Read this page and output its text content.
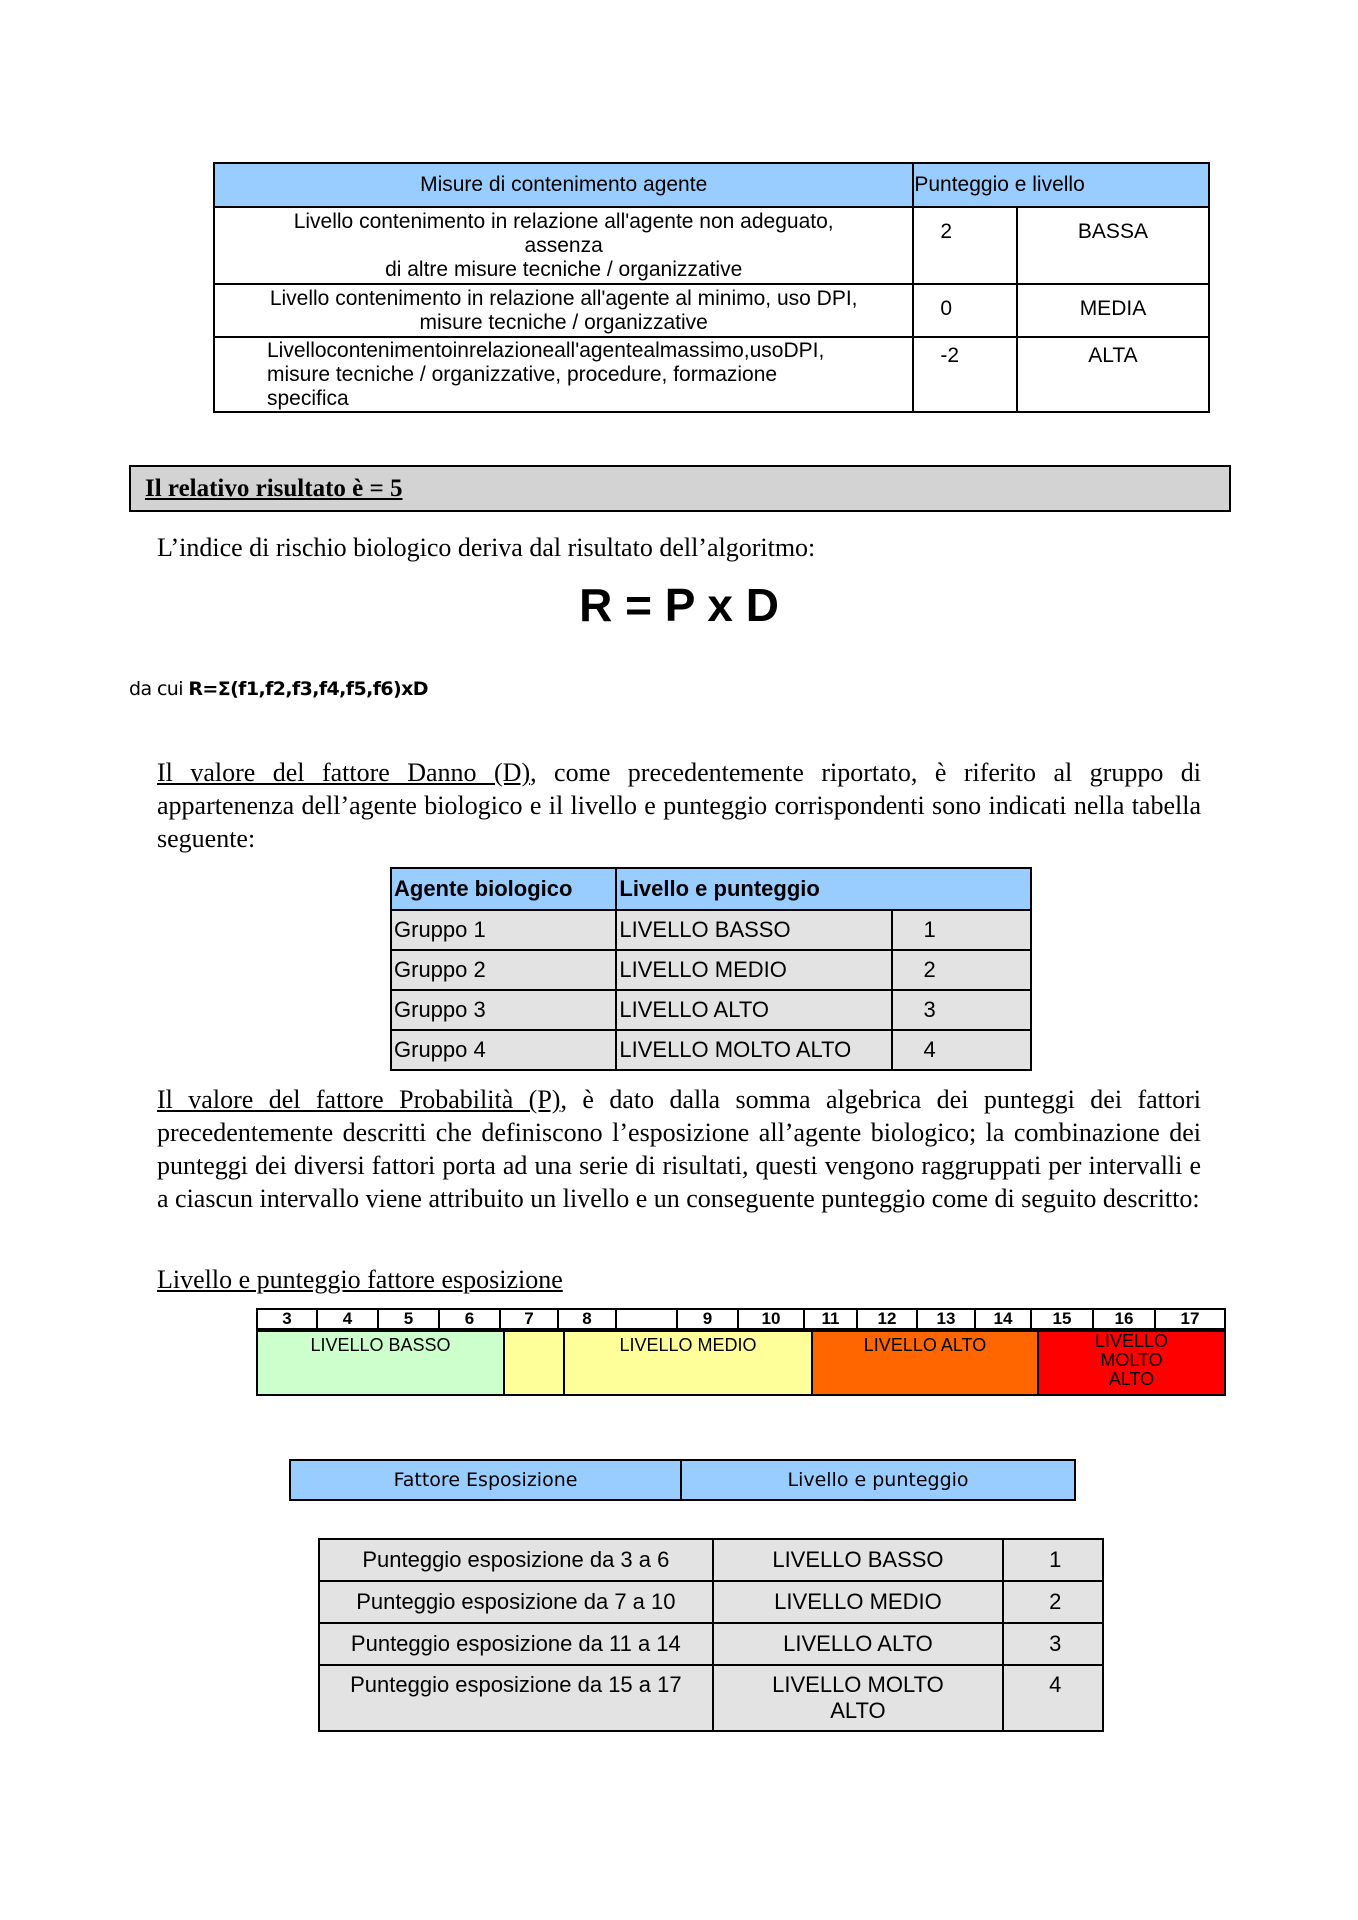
Misure di contenimento agente	Punteggio e livello	

Livello contenimento in relazione all'agente non adeguato,
assenza
di altre misure tecniche / organizzative	2	BASSA

Livello contenimento in relazione all'agente al minimo, uso DPI,
misure tecniche / organizzative	0	MEDIA

Livellocontenimentoinrelazioneall'agentealmassimo,usoDPI,
misure tecniche / organizzative, procedure, formazione
specifica	-2	ALTA
Il relativo risultato è = 5
L’indice di rischio biologico deriva dal risultato dell’algoritmo:
R = P x D
da cui R=Σ(f1,f2,f3,f4,f5,f6)xD
Il valore del fattore Danno (D), come precedentemente riportato, è riferito al gruppo di appartenenza dell’agente biologico e il livello e punteggio corrispondenti sono indicati nella tabella seguente:
Agente biologico	Livello e punteggio	
Gruppo 1	LIVELLO BASSO	1
Gruppo 2	LIVELLO MEDIO	2
Gruppo 3	LIVELLO ALTO	3
Gruppo 4	LIVELLO MOLTO ALTO	4
Il valore del fattore Probabilità (P), è dato dalla somma algebrica dei punteggi dei fattori precedentemente descritti che definiscono l’esposizione all’agente biologico; la combinazione dei punteggi dei diversi fattori porta ad una serie di risultati, questi vengono raggruppati per intervalli e a ciascun intervallo viene attribuito un livello e un conseguente punteggio come di seguito descritto:
Livello e punteggio fattore esposizione
3	4	5	6	7	8	9	10	11	12	13	14	15	16	17
LIVELLO BASSO	LIVELLO MEDIO	LIVELLO ALTO	LIVELLO MOLTO ALTO
Fattore Esposizione	Livello e punteggio
Punteggio esposizione da 3 a 6	LIVELLO BASSO	1
Punteggio esposizione da 7 a 10	LIVELLO MEDIO	2
Punteggio esposizione da 11 a 14	LIVELLO ALTO	3
Punteggio esposizione da 15 a 17	LIVELLO MOLTO ALTO	4
